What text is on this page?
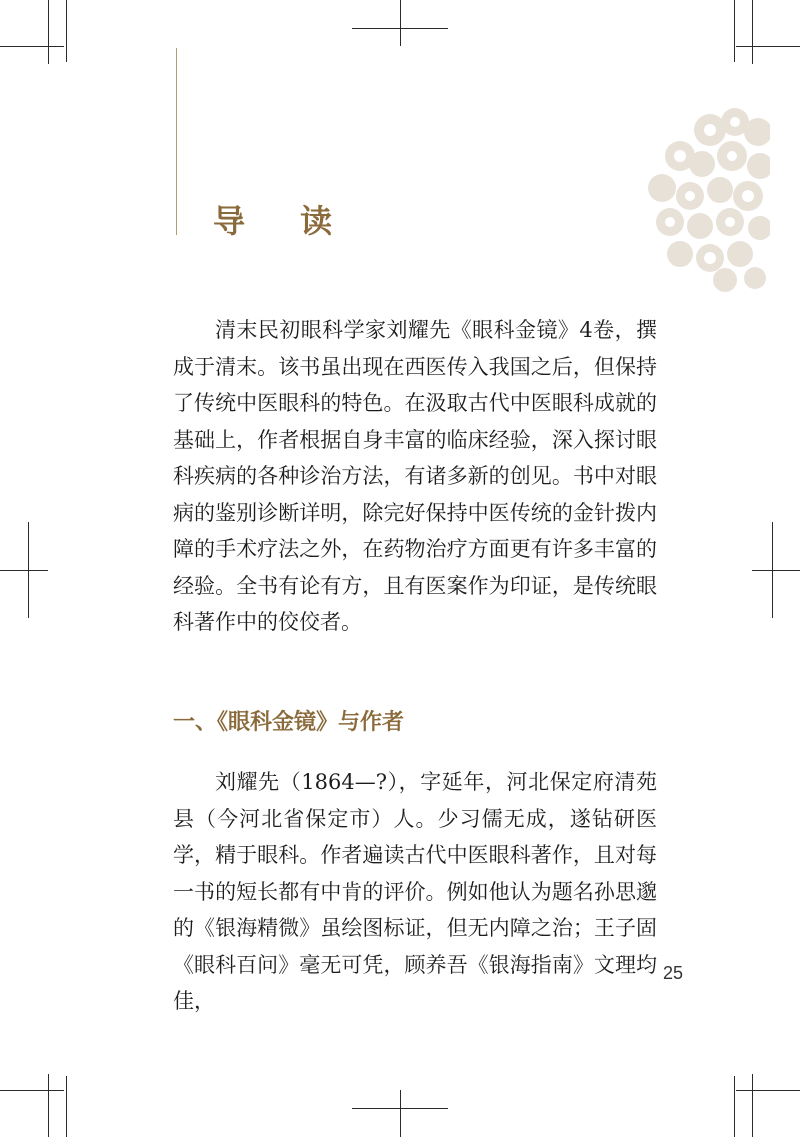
导 读

清末民初眼科学家刘耀先《眼科金镜》4卷，撰成于清末。该书虽出现在西医传入我国之后，但保持了传统中医眼科的特色。在汲取古代中医眼科成就的基础上，作者根据自身丰富的临床经验，深入探讨眼科疾病的各种诊治方法，有诸多新的创见。书中对眼病的鉴别诊断详明，除完好保持中医传统的金针拨内障的手术疗法之外，在药物治疗方面更有许多丰富的经验。全书有论有方，且有医案作为印证，是传统眼科著作中的佼佼者。

一、《眼科金镜》与作者

刘耀先（1864—?），字延年，河北保定府清苑县（今河北省保定市）人。少习儒无成，遂钻研医学，精于眼科。作者遍读古代中医眼科著作，且对每一书的短长都有中肯的评价。例如他认为题名孙思邈的《银海精微》虽绘图标证，但无内障之治；王子固《眼科百问》毫无可凭，顾养吾《银海指南》文理均佳，

25
